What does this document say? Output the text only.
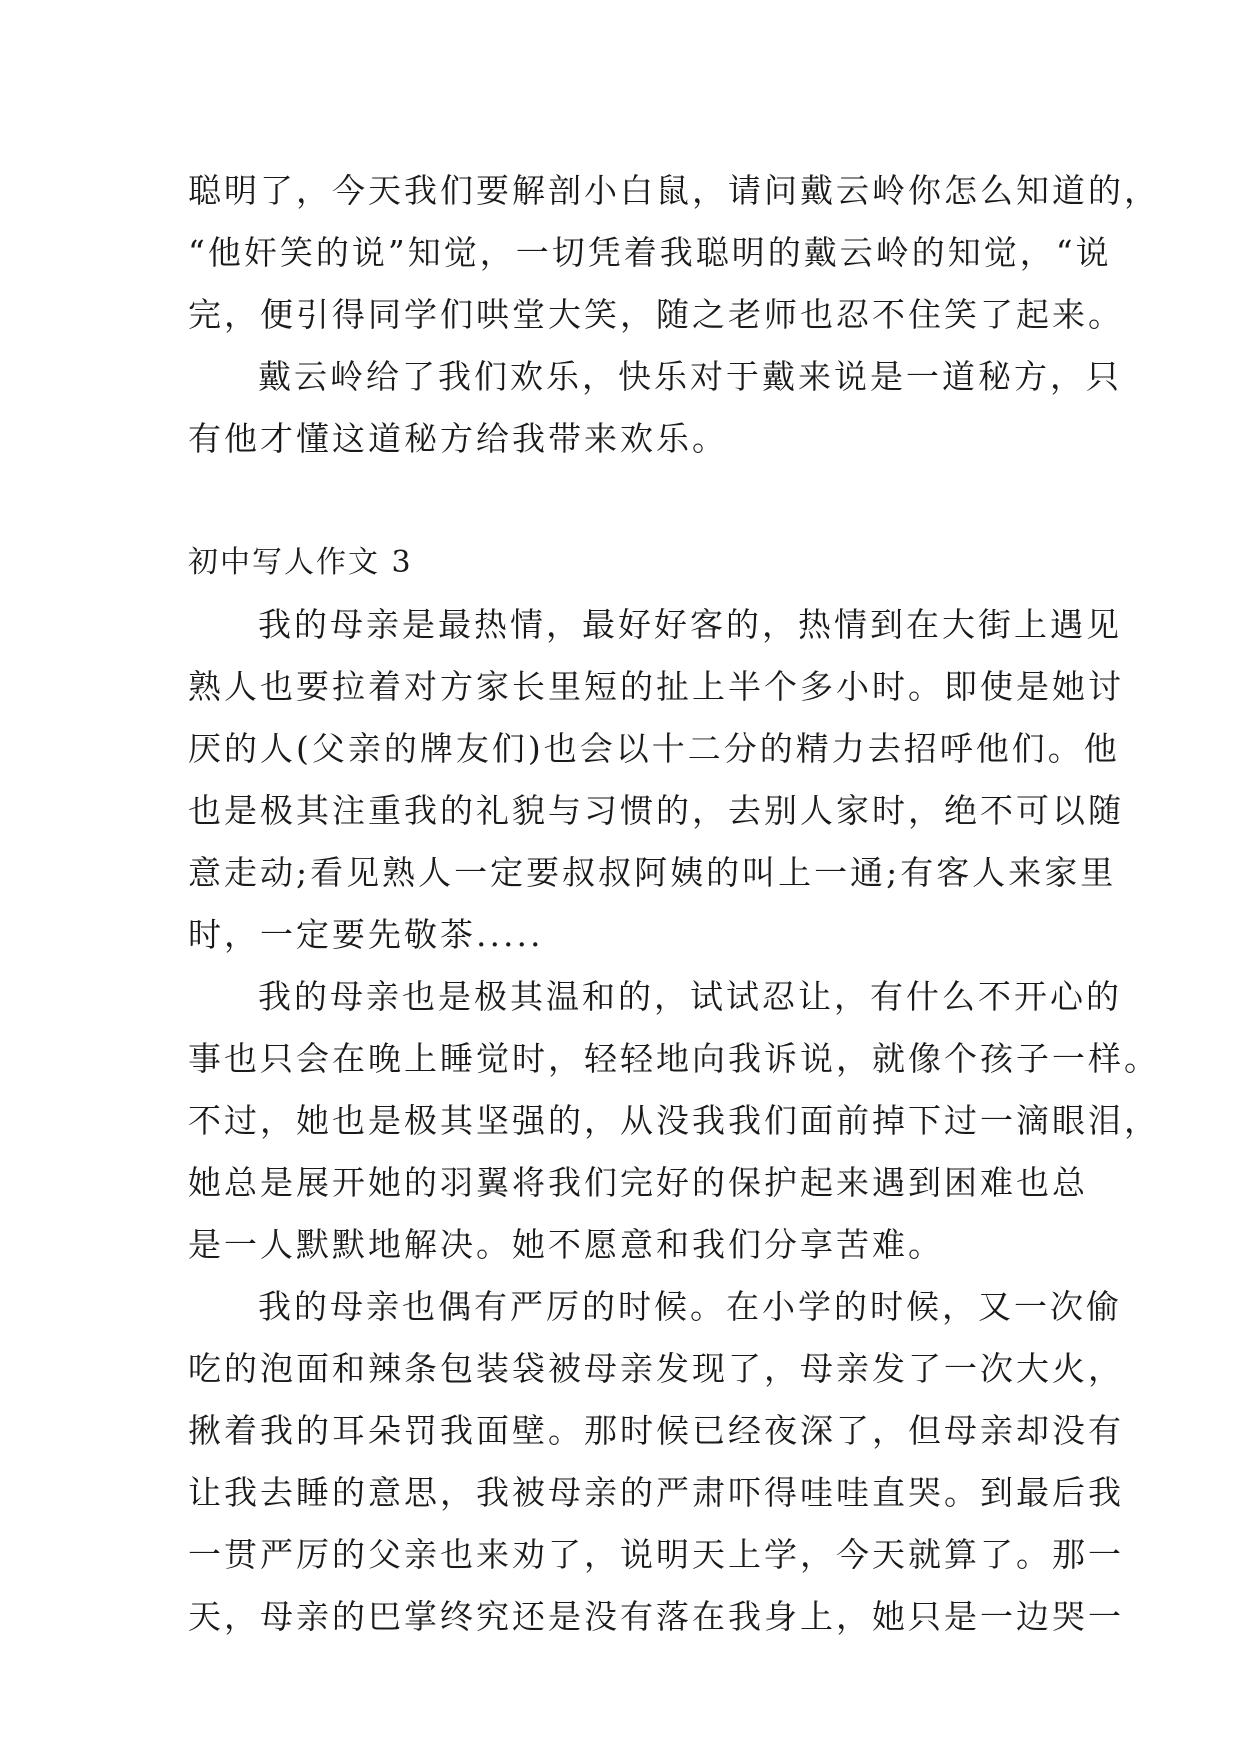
聪明了，今天我们要解剖小白鼠，请问戴云岭你怎么知道的，
“他奸笑的说”知觉，一切凭着我聪明的戴云岭的知觉，“说
完，便引得同学们哄堂大笑，随之老师也忍不住笑了起来。
戴云岭给了我们欢乐，快乐对于戴来说是一道秘方，只
有他才懂这道秘方给我带来欢乐。
初中写人作文 3
我的母亲是最热情，最好好客的，热情到在大街上遇见
熟人也要拉着对方家长里短的扯上半个多小时。即使是她讨
厌的人(父亲的牌友们)也会以十二分的精力去招呼他们。他
也是极其注重我的礼貌与习惯的，去别人家时，绝不可以随
意走动;看见熟人一定要叔叔阿姨的叫上一通;有客人来家里
时，一定要先敬茶.....
我的母亲也是极其温和的，试试忍让，有什么不开心的
事也只会在晚上睡觉时，轻轻地向我诉说，就像个孩子一样。
不过，她也是极其坚强的，从没我我们面前掉下过一滴眼泪，
她总是展开她的羽翼将我们完好的保护起来遇到困难也总
是一人默默地解决。她不愿意和我们分享苦难。
我的母亲也偶有严厉的时候。在小学的时候，又一次偷
吃的泡面和辣条包装袋被母亲发现了，母亲发了一次大火，
揪着我的耳朵罚我面壁。那时候已经夜深了，但母亲却没有
让我去睡的意思，我被母亲的严肃吓得哇哇直哭。到最后我
一贯严厉的父亲也来劝了，说明天上学，今天就算了。那一
天，母亲的巴掌终究还是没有落在我身上，她只是一边哭一
